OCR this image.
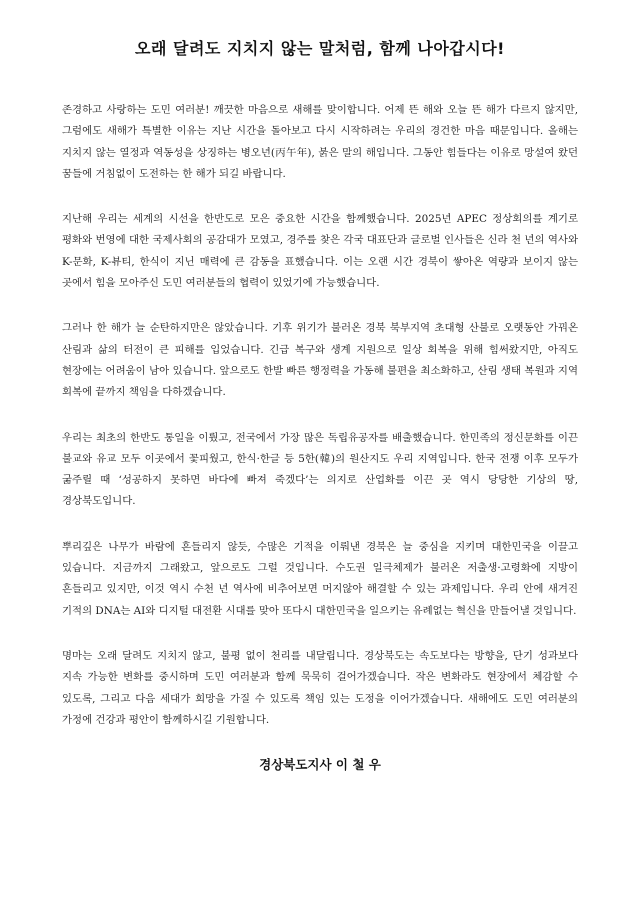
오래 달려도 지치지 않는 말처럼, 함께 나아갑시다!

존경하고 사랑하는 도민 여러분! 깨끗한 마음으로 새해를 맞이합니다. 어제 뜬 해와 오늘 뜬 해가 다르지 않지만, 그럼에도 새해가 특별한 이유는 지난 시간을 돌아보고 다시 시작하려는 우리의 경건한 마음 때문입니다. 올해는 지치지 않는 열정과 역동성을 상징하는 병오년(丙午年), 붉은 말의 해입니다. 그동안 힘들다는 이유로 망설여 왔던 꿈들에 거침없이 도전하는 한 해가 되길 바랍니다.

지난해 우리는 세계의 시선을 한반도로 모은 중요한 시간을 함께했습니다. 2025년 APEC 정상회의를 계기로 평화와 번영에 대한 국제사회의 공감대가 모였고, 경주를 찾은 각국 대표단과 글로벌 인사들은 신라 천 년의 역사와 K-문화, K-뷰티, 한식이 지닌 매력에 큰 감동을 표했습니다. 이는 오랜 시간 경북이 쌓아온 역량과 보이지 않는 곳에서 힘을 모아주신 도민 여러분들의 협력이 있었기에 가능했습니다.

그러나 한 해가 늘 순탄하지만은 않았습니다. 기후 위기가 불러온 경북 북부지역 초대형 산불로 오랫동안 가꿔온 산림과 삶의 터전이 큰 피해를 입었습니다. 긴급 복구와 생계 지원으로 일상 회복을 위해 힘써왔지만, 아직도 현장에는 어려움이 남아 있습니다. 앞으로도 한발 빠른 행정력을 가동해 불편을 최소화하고, 산림 생태 복원과 지역 회복에 끝까지 책임을 다하겠습니다.

우리는 최초의 한반도 통일을 이뤘고, 전국에서 가장 많은 독립유공자를 배출했습니다. 한민족의 정신문화를 이끈 불교와 유교 모두 이곳에서 꽃피웠고, 한식·한글 등 5한(韓)의 원산지도 우리 지역입니다. 한국 전쟁 이후 모두가 굶주릴 때 ‘성공하지 못하면 바다에 빠져 죽겠다’는 의지로 산업화를 이끈 곳 역시 당당한 기상의 땅, 경상북도입니다.

뿌리깊은 나무가 바람에 흔들리지 않듯, 수많은 기적을 이뤄낸 경북은 늘 중심을 지키며 대한민국을 이끌고 있습니다. 지금까지 그래왔고, 앞으로도 그럴 것입니다. 수도권 일극체제가 불러온 저출생·고령화에 지방이 흔들리고 있지만, 이것 역시 수천 년 역사에 비추어보면 머지않아 해결할 수 있는 과제입니다. 우리 안에 새겨진 기적의 DNA는 AI와 디지털 대전환 시대를 맞아 또다시 대한민국을 일으키는 유례없는 혁신을 만들어낼 것입니다.

명마는 오래 달려도 지치지 않고, 불평 없이 천리를 내달립니다. 경상북도는 속도보다는 방향을, 단기 성과보다 지속 가능한 변화를 중시하며 도민 여러분과 함께 묵묵히 걸어가겠습니다. 작은 변화라도 현장에서 체감할 수 있도록, 그리고 다음 세대가 희망을 가질 수 있도록 책임 있는 도정을 이어가겠습니다. 새해에도 도민 여러분의 가정에 건강과 평안이 함께하시길 기원합니다.

경상북도지사 이 철 우
